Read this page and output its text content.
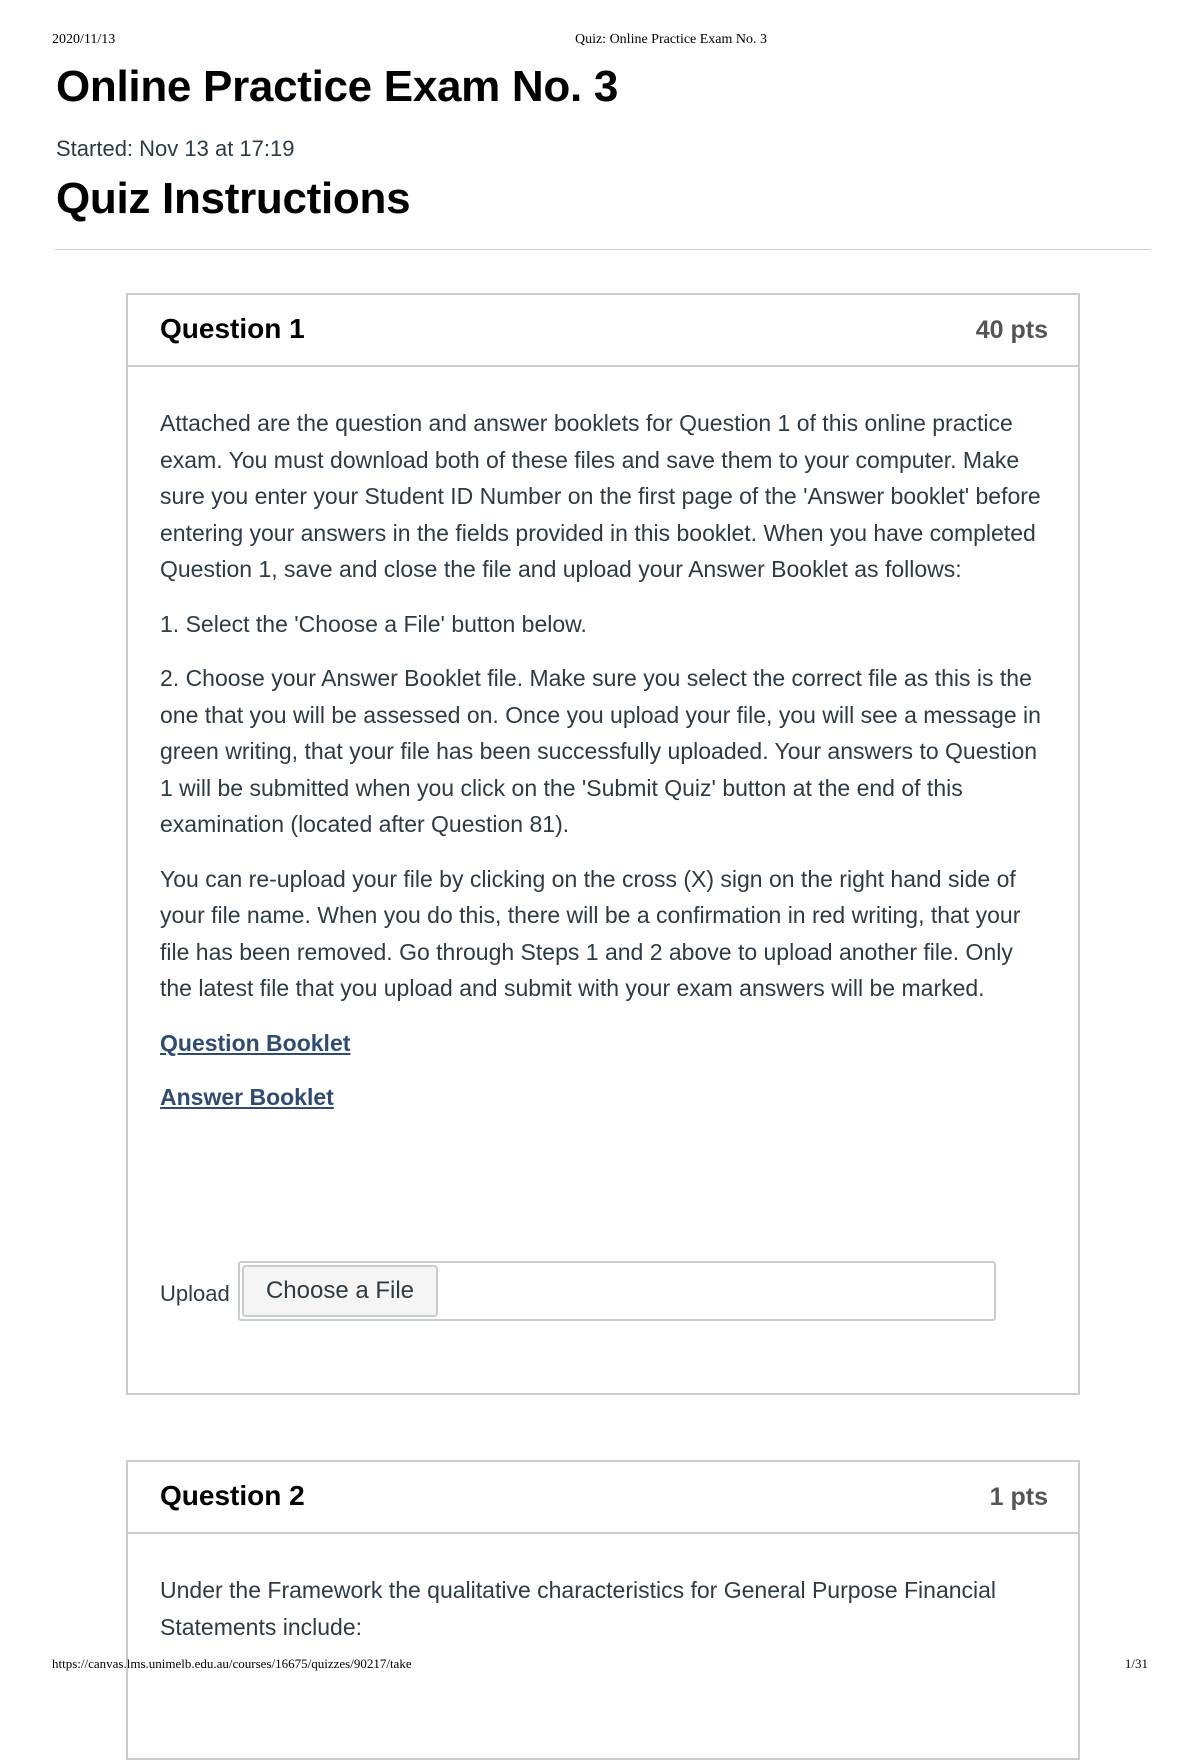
2020/11/13	Quiz: Online Practice Exam No. 3
Online Practice Exam No. 3
Started: Nov 13 at 17:19
Quiz Instructions
Question 1	40 pts

Attached are the question and answer booklets for Question 1 of this online practice exam. You must download both of these files and save them to your computer. Make sure you enter your Student ID Number on the first page of the 'Answer booklet' before entering your answers in the fields provided in this booklet. When you have completed Question 1, save and close the file and upload your Answer Booklet as follows:

1. Select the 'Choose a File' button below.

2. Choose your Answer Booklet file. Make sure you select the correct file as this is the one that you will be assessed on. Once you upload your file, you will see a message in green writing, that your file has been successfully uploaded. Your answers to Question 1 will be submitted when you click on the 'Submit Quiz' button at the end of this examination (located after Question 81).

You can re-upload your file by clicking on the cross (X) sign on the right hand side of your file name. When you do this, there will be a confirmation in red writing, that your file has been removed. Go through Steps 1 and 2 above to upload another file. Only the latest file that you upload and submit with your exam answers will be marked.

Question Booklet
Answer Booklet
Upload	Choose a File
Question 2	1 pts

Under the Framework the qualitative characteristics for General Purpose Financial Statements include:

https://canvas.lms.unimelb.edu.au/courses/16675/quizzes/90217/take	1/31
